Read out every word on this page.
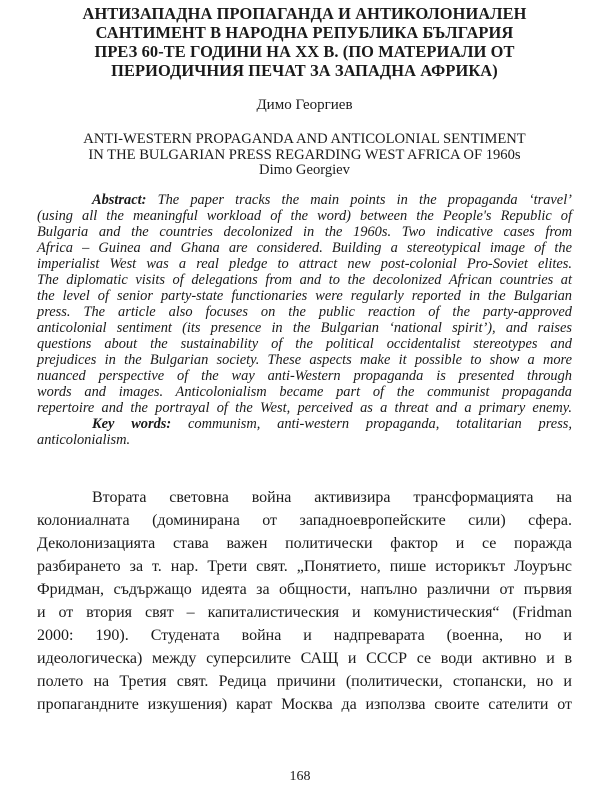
АНТИЗАПАДНА ПРОПАГАНДА И АНТИКОЛОНИАЛЕН
САНТИМЕНТ В НАРОДНА РЕПУБЛИКА БЪЛГАРИЯ
ПРЕЗ 60-ТЕ ГОДИНИ НА ХХ В. (ПО МАТЕРИАЛИ ОТ
ПЕРИОДИЧНИЯ ПЕЧАТ ЗА ЗАПАДНА АФРИКА)
Димо Георгиев
ANTI-WESTERN PROPAGANDA AND ANTICOLONIAL SENTIMENT
IN THE BULGARIAN PRESS REGARDING WEST AFRICA OF 1960s
Dimo Georgiev
Abstract: The paper tracks the main points in the propaganda ‘travel’
(using all the meaningful workload of the word) between the People's Republic of
Bulgaria and the countries decolonized in the 1960s. Two indicative cases from
Africa – Guinea and Ghana are considered. Building a stereotypical image of the
imperialist West was a real pledge to attract new post-colonial Pro-Soviet elites.
The diplomatic visits of delegations from and to the decolonized African countries at
the level of senior party-state functionaries were regularly reported in the Bulgarian
press. The article also focuses on the public reaction of the party-approved
anticolonial sentiment (its presence in the Bulgarian ‘national spirit’), and raises
questions about the sustainability of the political occidentalist stereotypes and
prejudices in the Bulgarian society. These aspects make it possible to show a more
nuanced perspective of the way anti-Western propaganda is presented through
words and images. Anticolonialism became part of the communist propaganda
repertoire and the portrayal of the West, perceived as a threat and a primary enemy.
Key words: communism, anti-western propaganda, totalitarian press,
anticolonialism.
Втората световна война активизира трансформацията на
колониалната (доминирана от западноевропейските сили) сфера.
Деколонизацията става важен политически фактор и се поражда
разбирането за т. нар. Трети свят. „Понятието, пише историкът Лоурънс
Фридман, съдържащо идеята за общности, напълно различни от първия
и от втория свят – капиталистическия и комунистическия“ (Fridman
2000: 190). Студената война и надпреварата (военна, но и
идеологическа) между суперсилите САЩ и СССР се води активно и в
полето на Третия свят. Редица причини (политически, стопански, но и
пропагандните изкушения) карат Москва да използва своите сателити от
168
